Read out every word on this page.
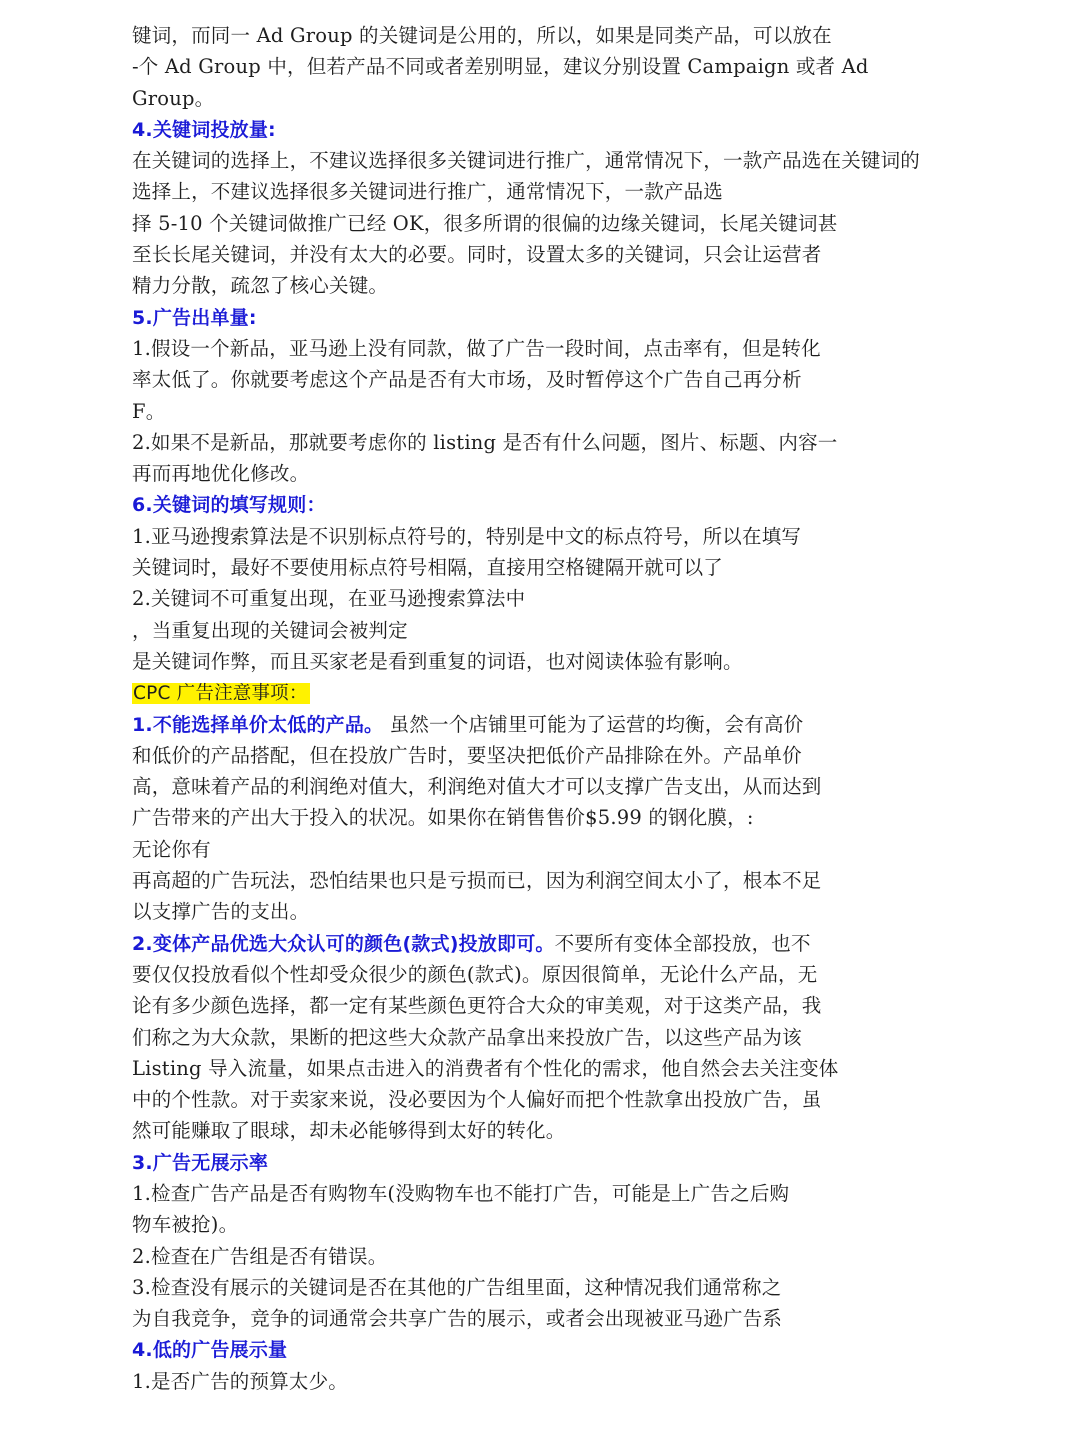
键词，而同一 Ad Group 的关键词是公用的，所以，如果是同类产品，可以放在
-个 Ad Group 中，但若产品不同或者差别明显，建议分别设置 Campaign 或者 Ad
Group。
4.关键词投放量:
在关键词的选择上，不建议选择很多关键词进行推广，通常情况下，一款产品选在关键词的
选择上，不建议选择很多关键词进行推广，通常情况下，一款产品选
择 5-10 个关键词做推广已经 OK，很多所谓的很偏的边缘关键词，长尾关键词甚
至长长尾关键词，并没有太大的必要。同时，设置太多的关键词，只会让运营者
精力分散，疏忽了核心关键。
5.广告出单量:
1.假设一个新品，亚马逊上没有同款，做了广告一段时间，点击率有，但是转化
率太低了。你就要考虑这个产品是否有大市场，及时暂停这个广告自己再分析
F。
2.如果不是新品，那就要考虑你的 listing 是否有什么问题，图片、标题、内容一
再而再地优化修改。
6.关键词的填写规则：
1.亚马逊搜索算法是不识别标点符号的，特别是中文的标点符号，所以在填写
关键词时，最好不要使用标点符号相隔，直接用空格键隔开就可以了
2.关键词不可重复出现，在亚马逊搜索算法中
，当重复出现的关键词会被判定
是关键词作弊，而且买家老是看到重复的词语，也对阅读体验有影响。
CPC 广告注意事项：
1.不能选择单价太低的产品。 虽然一个店铺里可能为了运营的均衡，会有高价
和低价的产品搭配，但在投放广告时，要坚决把低价产品排除在外。产品单价
高，意味着产品的利润绝对值大，利润绝对值大才可以支撑广告支出，从而达到
广告带来的产出大于投入的状况。如果你在销售售价$5.99 的钢化膜，:
无论你有
再高超的广告玩法，恐怕结果也只是亏损而已，因为利润空间太小了，根本不足
以支撑广告的支出。
2.变体产品优选大众认可的颜色(款式)投放即可。不要所有变体全部投放，也不
要仅仅投放看似个性却受众很少的颜色(款式)。原因很简单，无论什么产品，无
论有多少颜色选择，都一定有某些颜色更符合大众的审美观，对于这类产品，我
们称之为大众款，果断的把这些大众款产品拿出来投放广告，以这些产品为该
Listing 导入流量，如果点击进入的消费者有个性化的需求，他自然会去关注变体
中的个性款。对于卖家来说，没必要因为个人偏好而把个性款拿出投放广告，虽
然可能赚取了眼球，却未必能够得到太好的转化。
3.广告无展示率
1.检查广告产品是否有购物车(没购物车也不能打广告，可能是上广告之后购
物车被抢)。
2.检查在广告组是否有错误。
3.检查没有展示的关键词是否在其他的广告组里面，这种情况我们通常称之
为自我竞争，竞争的词通常会共享广告的展示，或者会出现被亚马逊广告系
4.低的广告展示量
1.是否广告的预算太少。
